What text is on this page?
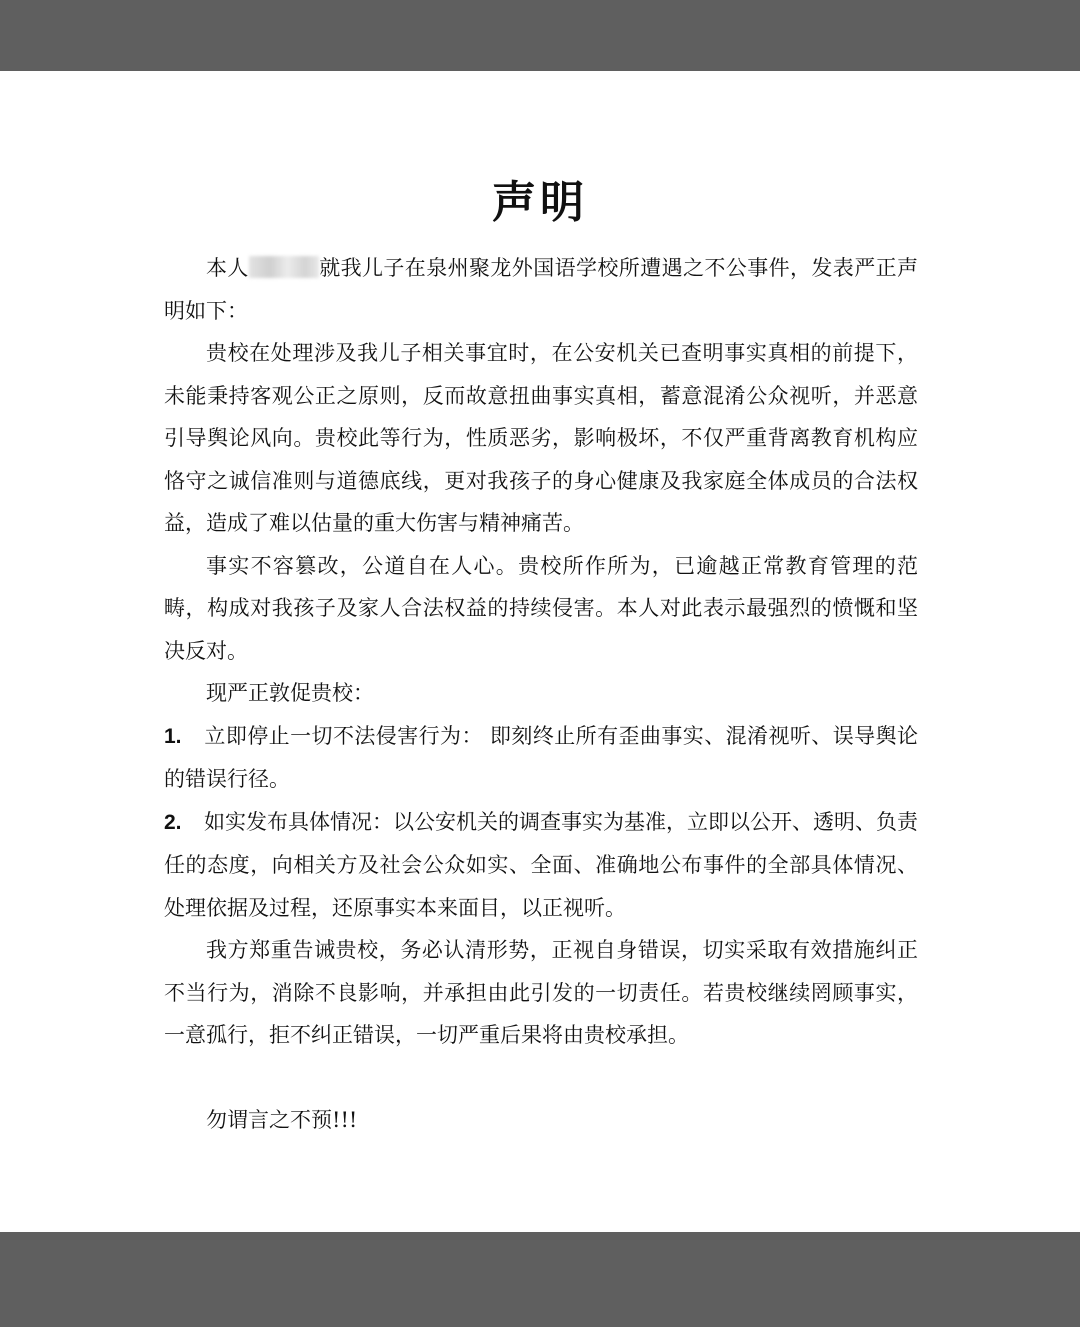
声明

本人	就我儿子在泉州聚龙外国语学校所遭遇之不公事件，发表严正声明如下：

贵校在处理涉及我儿子相关事宜时，在公安机关已查明事实真相的前提下，未能秉持客观公正之原则，反而故意扭曲事实真相，蓄意混淆公众视听，并恶意引导舆论风向。贵校此等行为，性质恶劣，影响极坏，不仅严重背离教育机构应恪守之诚信准则与道德底线，更对我孩子的身心健康及我家庭全体成员的合法权益，造成了难以估量的重大伤害与精神痛苦。

事实不容篡改，公道自在人心。贵校所作所为，已逾越正常教育管理的范畴，构成对我孩子及家人合法权益的持续侵害。本人对此表示最强烈的愤慨和坚决反对。

现严正敦促贵校：

1. 立即停止一切不法侵害行为： 即刻终止所有歪曲事实、混淆视听、误导舆论的错误行径。

2. 如实发布具体情况：以公安机关的调查事实为基准，立即以公开、透明、负责任的态度，向相关方及社会公众如实、全面、准确地公布事件的全部具体情况、处理依据及过程，还原事实本来面目，以正视听。

我方郑重告诫贵校，务必认清形势，正视自身错误，切实采取有效措施纠正不当行为，消除不良影响，并承担由此引发的一切责任。若贵校继续罔顾事实，一意孤行，拒不纠正错误，一切严重后果将由贵校承担。

勿谓言之不预!!!
